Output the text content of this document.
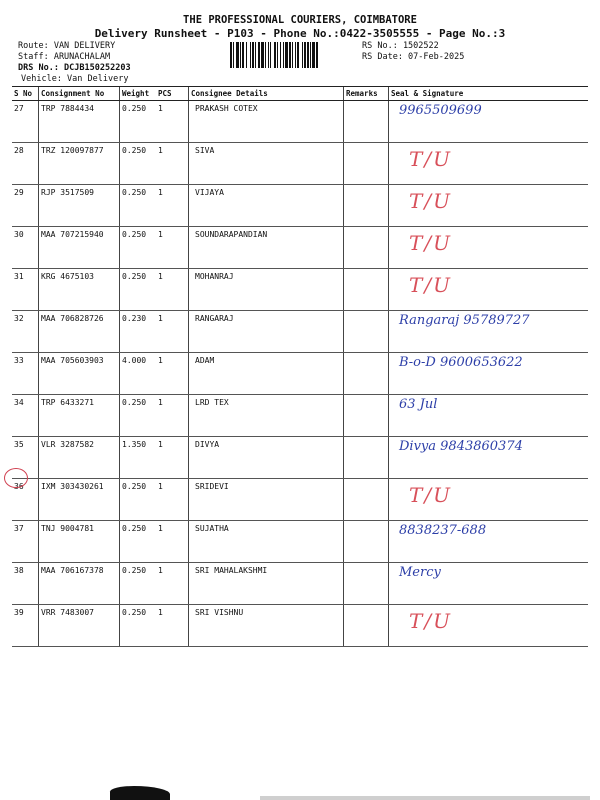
THE PROFESSIONAL COURIERS, COIMBATORE
Delivery Runsheet - P103 - Phone No.:0422-3505555 - Page No.:3
Route: VAN DELIVERY
Staff: ARUNACHALAM
DRS No.: DCJB150252203
Vehicle: Van Delivery
RS No.: 1502522
RS Date: 07-Feb-2025
S No	Consignment No	Weight	PCS	Consignee Details	Remarks	Seal & Signature
27	TRP 7884434	0.250	1	PRAKASH COTEX		9965509699

28	TRZ 120097877	0.250	1	SIVA		T/U

29	RJP 3517509	0.250	1	VIJAYA		T/U

30	MAA 707215940	0.250	1	SOUNDARAPANDIAN		T/U

31	KRG 4675103	0.250	1	MOHANRAJ		T/U

32	MAA 706828726	0.230	1	RANGARAJ		Rangaraj 95789727

33	MAA 705603903	4.000	1	ADAM		B-o-D 9600653622

34	TRP 6433271	0.250	1	LRD TEX		63 Jul

35	VLR 3287582	1.350	1	DIVYA		Divya 9843860374

36	IXM 303430261	0.250	1	SRIDEVI		T/U

37	TNJ 9004781	0.250	1	SUJATHA		8838237-688

38	MAA 706167378	0.250	1	SRI MAHALAKSHMI		Mercy

39	VRR 7483007	0.250	1	SRI VISHNU		T/U
